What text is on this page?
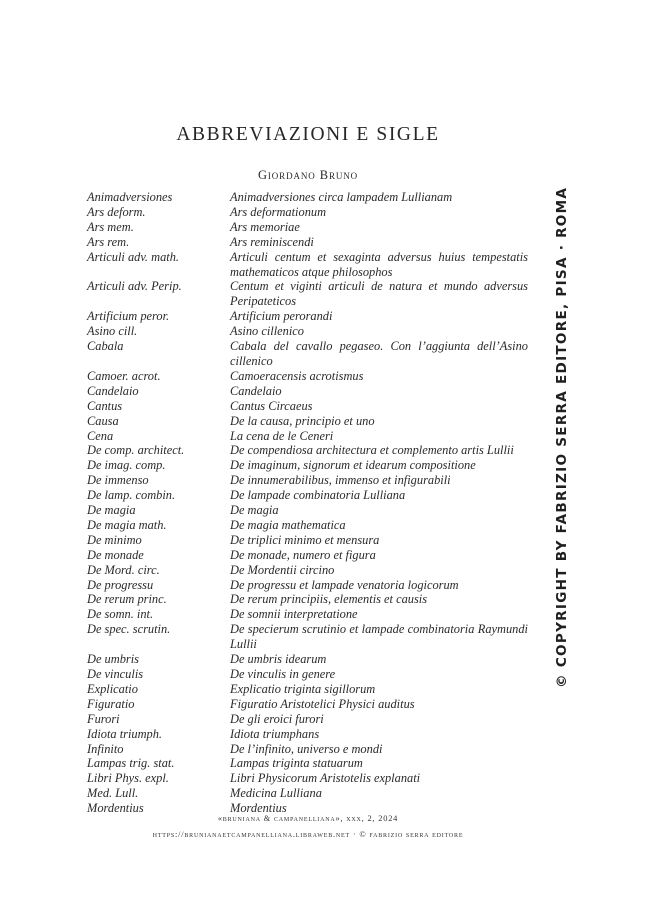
ABBREVIAZIONI E SIGLE
Giordano Bruno
Animadversiones	Animadversiones circa lampadem Lullianam
Ars deform.	Ars deformationum
Ars mem.	Ars memoriae
Ars rem.	Ars reminiscendi
Articuli adv. math.	Articuli centum et sexaginta adversus huius tempestatis mathematicos atque philosophos
Articuli adv. Perip.	Centum et viginti articuli de natura et mundo adversus Peripateticos
Artificium peror.	Artificium perorandi
Asino cill.	Asino cillenico
Cabala	Cabala del cavallo pegaseo. Con l’aggiunta dell’Asino cillenico
Camoer. acrot.	Camoeracensis acrotismus
Candelaio	Candelaio
Cantus	Cantus Circaeus
Causa	De la causa, principio et uno
Cena	La cena de le Ceneri
De comp. architect.	De compendiosa architectura et complemento artis Lullii
De imag. comp.	De imaginum, signorum et idearum compositione
De immenso	De innumerabilibus, immenso et infigurabili
De lamp. combin.	De lampade combinatoria Lulliana
De magia	De magia
De magia math.	De magia mathematica
De minimo	De triplici minimo et mensura
De monade	De monade, numero et figura
De Mord. circ.	De Mordentii circino
De progressu	De progressu et lampade venatoria logicorum
De rerum princ.	De rerum principiis, elementis et causis
De somn. int.	De somnii interpretatione
De spec. scrutin.	De specierum scrutinio et lampade combinatoria Raymundi Lullii
De umbris	De umbris idearum
De vinculis	De vinculis in genere
Explicatio	Explicatio triginta sigillorum
Figuratio	Figuratio Aristotelici Physici auditus
Furori	De gli eroici furori
Idiota triumph.	Idiota triumphans
Infinito	De l’infinito, universo e mondi
Lampas trig. stat.	Lampas triginta statuarum
Libri Phys. expl.	Libri Physicorum Aristotelis explanati
Med. Lull.	Medicina Lulliana
Mordentius	Mordentius
© COPYRIGHT BY FABRIZIO SERRA EDITORE, PISA · ROMA
«bruniana & campanelliana», xxx, 2, 2024
https://brunianaetcampanelliana.libraweb.net · © fabrizio serra editore
